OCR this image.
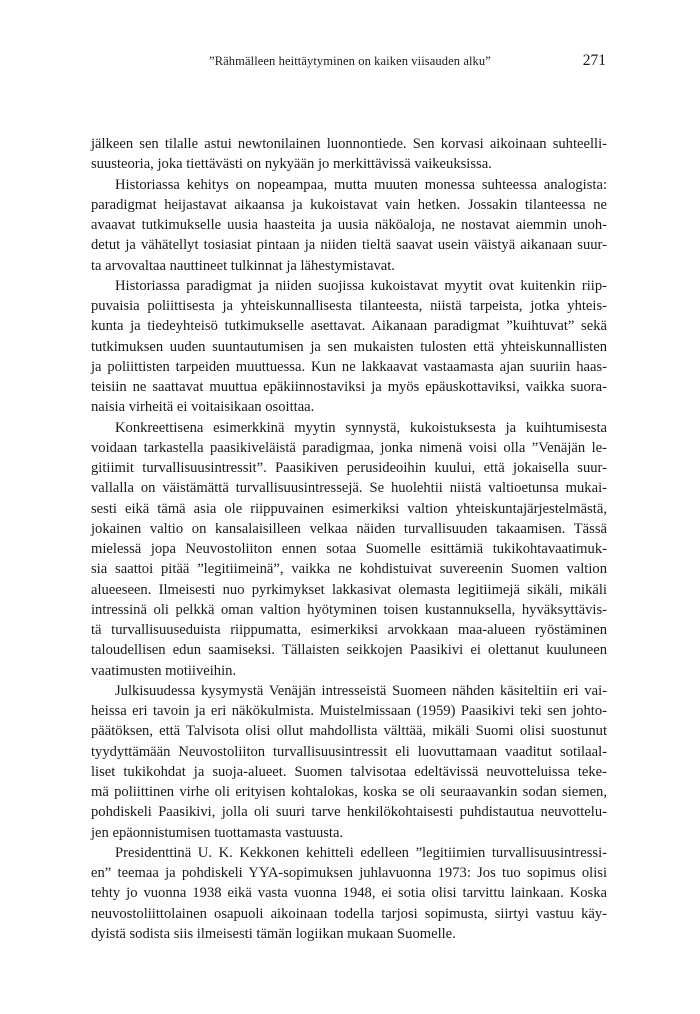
”Rähmälleen heittäytyminen on kaiken viisauden alku”	271

jälkeen sen tilalle astui newtonilainen luonnontiede. Sen korvasi aikoinaan suhteelli-
suusteoria, joka tiettävästi on nykyään jo merkittävissä vaikeuksissa.

Historiassa kehitys on nopeampaa, mutta muuten monessa suhteessa analogista:
paradigmat heijastavat aikaansa ja kukoistavat vain hetken. Jossakin tilanteessa ne
avaavat tutkimukselle uusia haasteita ja uusia näköaloja, ne nostavat aiemmin unoh-
detut ja vähätellyt tosiasiat pintaan ja niiden tieltä saavat usein väistyä aikanaan suur-
ta arvovaltaa nauttineet tulkinnat ja lähestymistavat.

Historiassa paradigmat ja niiden suojissa kukoistavat myytit ovat kuitenkin riip-
puvaisia poliittisesta ja yhteiskunnallisesta tilanteesta, niistä tarpeista, jotka yhteis-
kunta ja tiedeyhteisö tutkimukselle asettavat. Aikanaan paradigmat ”kuihtuvat” sekä
tutkimuksen uuden suuntautumisen ja sen mukaisten tulosten että yhteiskunnallisten
ja poliittisten tarpeiden muuttuessa. Kun ne lakkaavat vastaamasta ajan suuriin haas-
teisiin ne saattavat muuttua epäkiinnostaviksi ja myös epäuskottaviksi, vaikka suora-
naisia virheitä ei voitaisikaan osoittaa.

Konkreettisena esimerkkinä myytin synnystä, kukoistuksesta ja kuihtumisesta
voidaan tarkastella paasikiveläistä paradigmaa, jonka nimenä voisi olla ”Venäjän le-
gitiimit turvallisuusintressit”. Paasikiven perusideoihin kuului, että jokaisella suur-
vallalla on väistämättä turvallisuusintressejä. Se huolehtii niistä valtioetunsa mukai-
sesti eikä tämä asia ole riippuvainen esimerkiksi valtion yhteiskuntajärjestelmästä,
jokainen valtio on kansalaisilleen velkaa näiden turvallisuuden takaamisen. Tässä
mielessä jopa Neuvostoliiton ennen sotaa Suomelle esittämiä tukikohtavaatimuk-
sia saattoi pitää ”legitiimeinä”, vaikka ne kohdistuivat suvereenin Suomen valtion
alueeseen. Ilmeisesti nuo pyrkimykset lakkasivat olemasta legitiimejä sikäli, mikäli
intressinä oli pelkkä oman valtion hyötyminen toisen kustannuksella, hyväksyttävis-
tä turvallisuuseduista riippumatta, esimerkiksi arvokkaan maa-alueen ryöstäminen
taloudellisen edun saamiseksi. Tällaisten seikkojen Paasikivi ei olettanut kuuluneen
vaatimusten motiiveihin.

Julkisuudessa kysymystä Venäjän intresseistä Suomeen nähden käsiteltiin eri vai-
heissa eri tavoin ja eri näkökulmista. Muistelmissaan (1959) Paasikivi teki sen johto-
päätöksen, että Talvisota olisi ollut mahdollista välttää, mikäli Suomi olisi suostunut
tyydyttämään Neuvostoliiton turvallisuusintressit eli luovuttamaan vaaditut sotilaal-
liset tukikohdat ja suoja-alueet. Suomen talvisotaa edeltävissä neuvotteluissa teke-
mä poliittinen virhe oli erityisen kohtalokas, koska se oli seuraavankin sodan siemen,
pohdiskeli Paasikivi, jolla oli suuri tarve henkilökohtaisesti puhdistautua neuvottelu-
jen epäonnistumisen tuottamasta vastuusta.

Presidenttinä U. K. Kekkonen kehitteli edelleen ”legitiimien turvallisuusintressi-
en” teemaa ja pohdiskeli YYA-sopimuksen juhlavuonna 1973: Jos tuo sopimus olisi
tehty jo vuonna 1938 eikä vasta vuonna 1948, ei sotia olisi tarvittu lainkaan. Koska
neuvostoliittolainen osapuoli aikoinaan todella tarjosi sopimusta, siirtyi vastuu käy-
dyistä sodista siis ilmeisesti tämän logiikan mukaan Suomelle.
